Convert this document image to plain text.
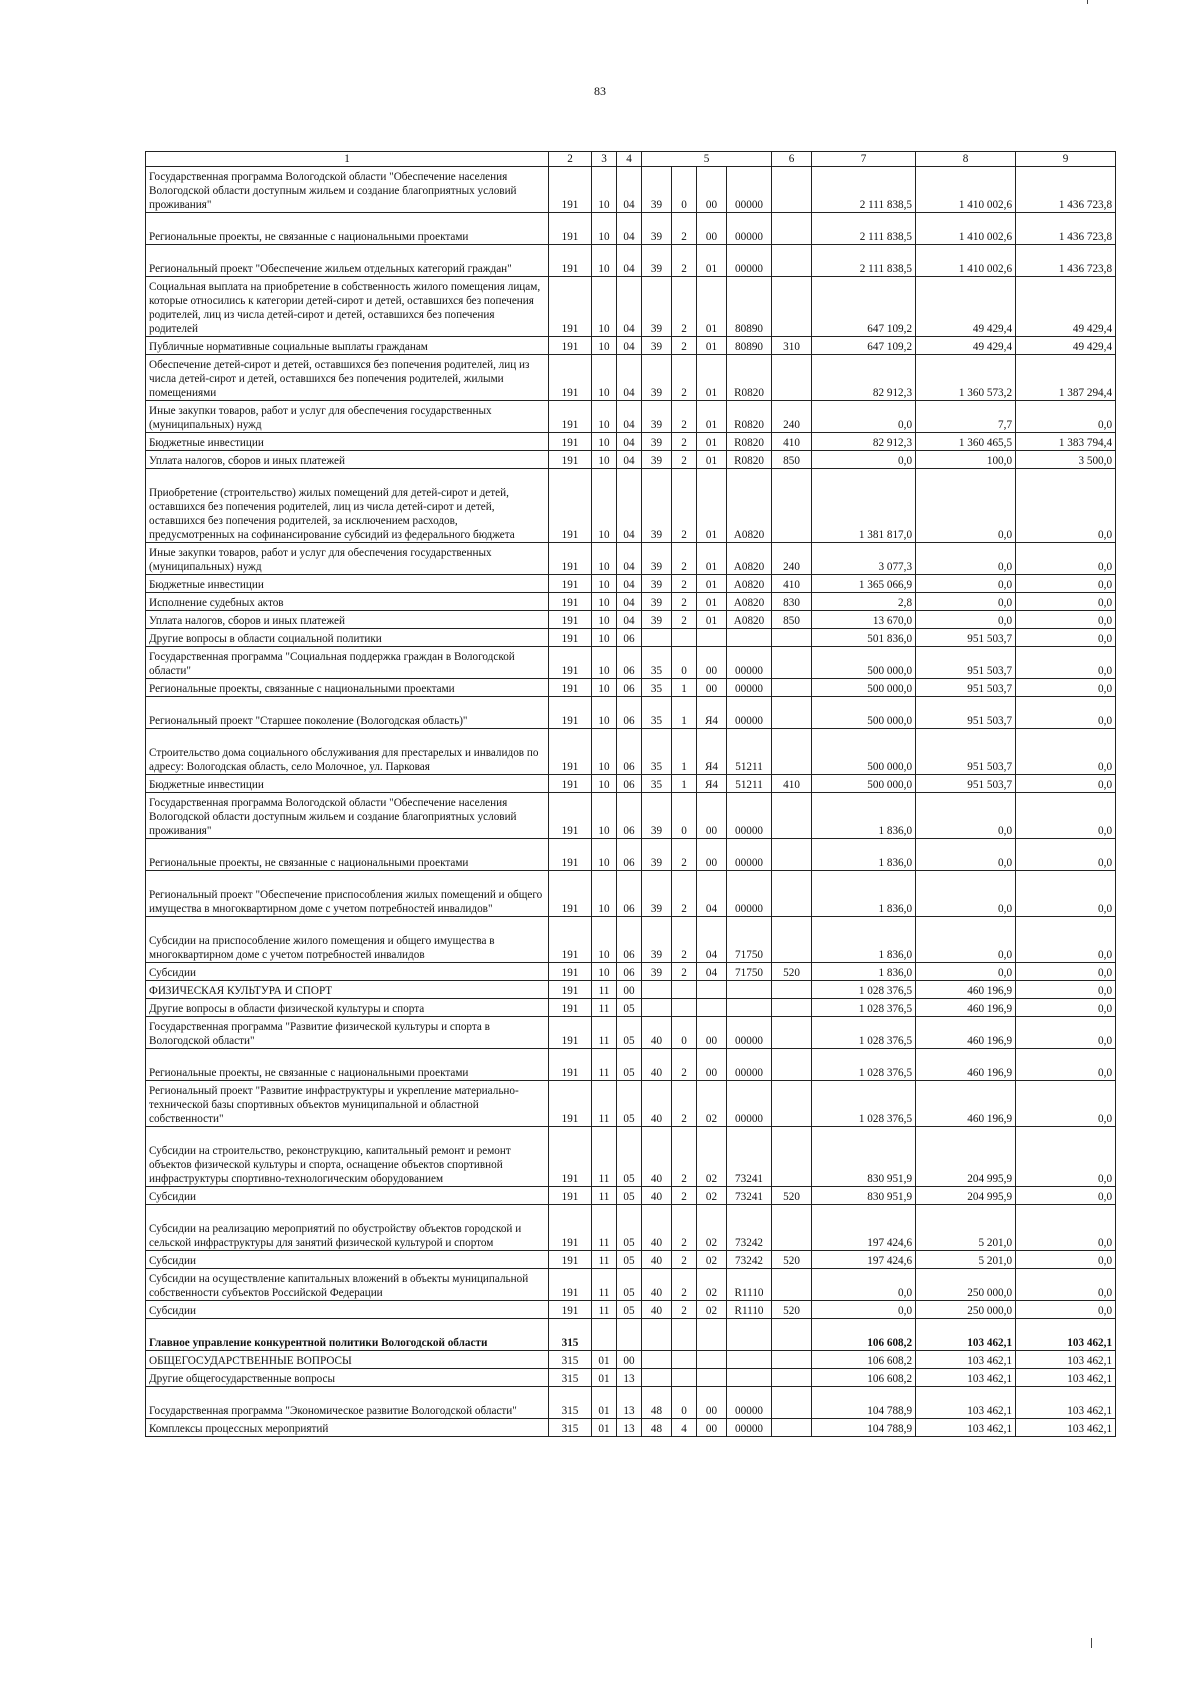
83
1	2	3	4	5				6	7	8	9
Государственная программа Вологодской области "Обеспечение населения Вологодской области доступным жильем и создание благоприятных условий проживания"	191	10	04	39	0	00	00000		2 111 838,5	1 410 002,6	1 436 723,8
Региональные проекты, не связанные с национальными проектами	191	10	04	39	2	00	00000		2 111 838,5	1 410 002,6	1 436 723,8
Региональный проект "Обеспечение жильем отдельных категорий граждан"	191	10	04	39	2	01	00000		2 111 838,5	1 410 002,6	1 436 723,8
Социальная выплата на приобретение в собственность жилого помещения лицам, которые относились к категории детей-сирот и детей, оставшихся без попечения родителей, лиц из числа детей-сирот и детей, оставшихся без попечения родителей	191	10	04	39	2	01	80890		647 109,2	49 429,4	49 429,4
Публичные нормативные социальные выплаты гражданам	191	10	04	39	2	01	80890	310	647 109,2	49 429,4	49 429,4
Обеспечение детей-сирот и детей, оставшихся без попечения родителей, лиц из числа детей-сирот и детей, оставшихся без попечения родителей, жилыми помещениями	191	10	04	39	2	01	R0820		82 912,3	1 360 573,2	1 387 294,4
Иные закупки товаров, работ и услуг для обеспечения государственных (муниципальных) нужд	191	10	04	39	2	01	R0820	240	0,0	7,7	0,0
Бюджетные инвестиции	191	10	04	39	2	01	R0820	410	82 912,3	1 360 465,5	1 383 794,4
Уплата налогов, сборов и иных платежей	191	10	04	39	2	01	R0820	850	0,0	100,0	3 500,0
Приобретение (строительство) жилых помещений для детей-сирот и детей, оставшихся без попечения родителей, лиц из числа детей-сирот и детей, оставшихся без попечения родителей, за исключением расходов, предусмотренных на софинансирование субсидий из федерального бюджета	191	10	04	39	2	01	A0820		1 381 817,0	0,0	0,0
Иные закупки товаров, работ и услуг для обеспечения государственных (муниципальных) нужд	191	10	04	39	2	01	A0820	240	3 077,3	0,0	0,0
Бюджетные инвестиции	191	10	04	39	2	01	A0820	410	1 365 066,9	0,0	0,0
Исполнение судебных актов	191	10	04	39	2	01	A0820	830	2,8	0,0	0,0
Уплата налогов, сборов и иных платежей	191	10	04	39	2	01	A0820	850	13 670,0	0,0	0,0
Другие вопросы в области социальной политики	191	10	06						501 836,0	951 503,7	0,0
Государственная программа "Социальная поддержка граждан в Вологодской области"	191	10	06	35	0	00	00000		500 000,0	951 503,7	0,0
Региональные проекты, связанные с национальными проектами	191	10	06	35	1	00	00000		500 000,0	951 503,7	0,0
Региональный проект "Старшее поколение (Вологодская область)"	191	10	06	35	1	Я4	00000		500 000,0	951 503,7	0,0
Строительство дома социального обслуживания для престарелых и инвалидов по адресу: Вологодская область, село Молочное, ул. Парковая	191	10	06	35	1	Я4	51211		500 000,0	951 503,7	0,0
Бюджетные инвестиции	191	10	06	35	1	Я4	51211	410	500 000,0	951 503,7	0,0
Государственная программа Вологодской области "Обеспечение населения Вологодской области доступным жильем и создание благоприятных условий проживания"	191	10	06	39	0	00	00000		1 836,0	0,0	0,0
Региональные проекты, не связанные с национальными проектами	191	10	06	39	2	00	00000		1 836,0	0,0	0,0
Региональный проект "Обеспечение приспособления жилых помещений и общего имущества в многоквартирном доме с учетом потребностей инвалидов"	191	10	06	39	2	04	00000		1 836,0	0,0	0,0
Субсидии на приспособление жилого помещения и общего имущества в многоквартирном доме с учетом потребностей инвалидов	191	10	06	39	2	04	71750		1 836,0	0,0	0,0
Субсидии	191	10	06	39	2	04	71750	520	1 836,0	0,0	0,0
ФИЗИЧЕСКАЯ КУЛЬТУРА И СПОРТ	191	11	00						1 028 376,5	460 196,9	0,0
Другие вопросы в области физической культуры и спорта	191	11	05						1 028 376,5	460 196,9	0,0
Государственная программа "Развитие физической культуры и спорта в Вологодской области"	191	11	05	40	0	00	00000		1 028 376,5	460 196,9	0,0
Региональные проекты, не связанные с национальными проектами	191	11	05	40	2	00	00000		1 028 376,5	460 196,9	0,0
Региональный проект "Развитие инфраструктуры и укрепление материально-технической базы спортивных объектов муниципальной и областной собственности"	191	11	05	40	2	02	00000		1 028 376,5	460 196,9	0,0
Субсидии на строительство, реконструкцию, капитальный ремонт и ремонт объектов физической культуры и спорта, оснащение объектов спортивной инфраструктуры спортивно-технологическим оборудованием	191	11	05	40	2	02	73241		830 951,9	204 995,9	0,0
Субсидии	191	11	05	40	2	02	73241	520	830 951,9	204 995,9	0,0
Субсидии на реализацию мероприятий по обустройству объектов городской и сельской инфраструктуры для занятий физической культурой и спортом	191	11	05	40	2	02	73242		197 424,6	5 201,0	0,0
Субсидии	191	11	05	40	2	02	73242	520	197 424,6	5 201,0	0,0
Субсидии на осуществление капитальных вложений в объекты муниципальной собственности субъектов Российской Федерации	191	11	05	40	2	02	R1110		0,0	250 000,0	0,0
Субсидии	191	11	05	40	2	02	R1110	520	0,0	250 000,0	0,0
Главное управление конкурентной политики Вологодской области	315								106 608,2	103 462,1	103 462,1
ОБЩЕГОСУДАРСТВЕННЫЕ ВОПРОСЫ	315	01	00						106 608,2	103 462,1	103 462,1
Другие общегосударственные вопросы	315	01	13						106 608,2	103 462,1	103 462,1
Государственная программа "Экономическое развитие Вологодской области"	315	01	13	48	0	00	00000		104 788,9	103 462,1	103 462,1
Комплексы процессных мероприятий	315	01	13	48	4	00	00000		104 788,9	103 462,1	103 462,1
